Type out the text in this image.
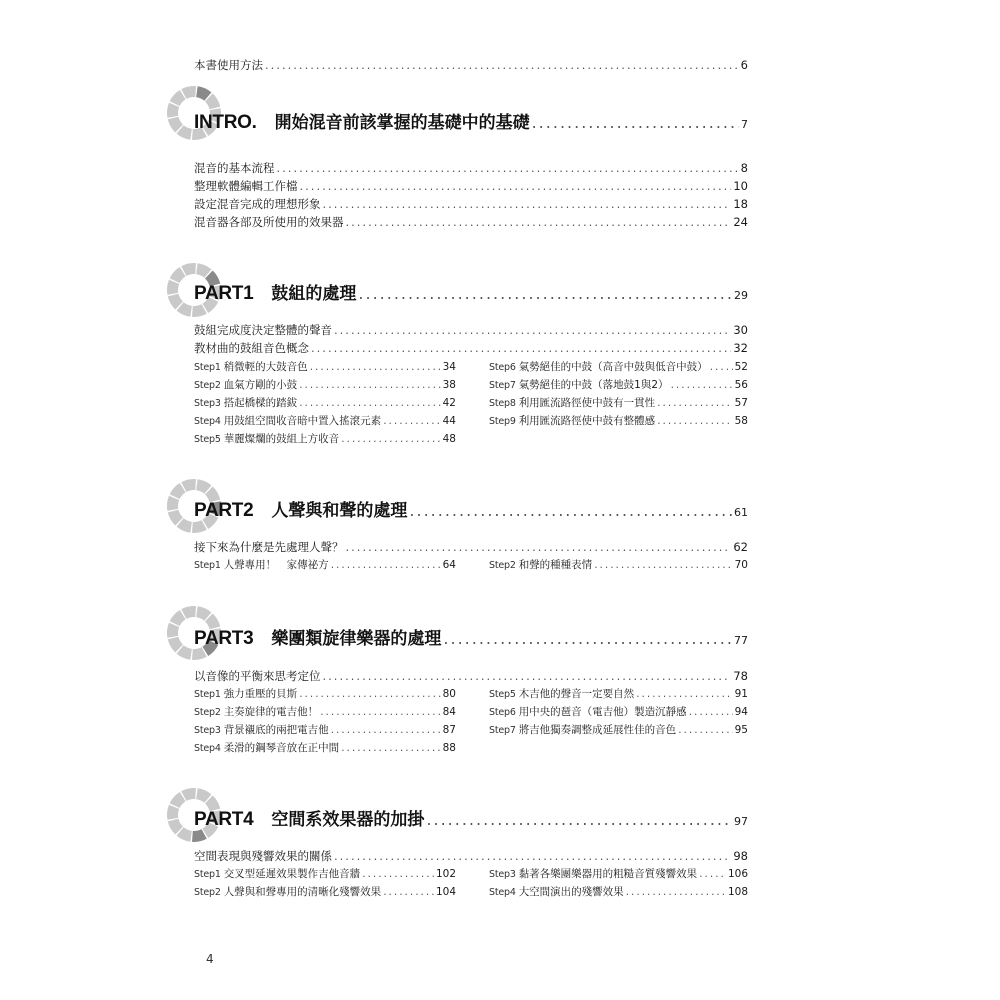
本書使用方法 .....	6
INTRO. 開始混音前該掌握的基礎中的基礎 .....	7
混音的基本流程 .....	8
整理軟體編輯工作檔 .....	10
設定混音完成的理想形象 .....	18
混音器各部及所使用的效果器 .....	24
PART1 鼓組的處理 .....	29
鼓組完成度決定整體的聲音 .....	30
教材曲的鼓組音色概念 .....	32
Step1 稍微輕的大鼓音色 .....	34
Step2 血氣方剛的小鼓 .....	38
Step3 搭起橋樑的踏鈸 .....	42
Step4 用鼓組空間收音暗中置入搖滾元素 .....	44
Step5 華麗燦爛的鼓組上方收音 .....	48
Step6 氣勢絕佳的中鼓（高音中鼓與低音中鼓） .....	52
Step7 氣勢絕佳的中鼓（落地鼓1與2） .....	56
Step8 利用匯流路徑使中鼓有一貫性 .....	57
Step9 利用匯流路徑使中鼓有整體感 .....	58
PART2 人聲與和聲的處理 .....	61
接下來為什麼是先處理人聲？ .....	62
Step1 人聲專用！　家傳祕方 .....	64	Step2 和聲的種種表情 .....	70
PART3 樂團類旋律樂器的處理 .....	77
以音像的平衡來思考定位 .....	78
Step1 強力重壓的貝斯 .....	80
Step2 主奏旋律的電吉他！ .....	84
Step3 背景襯底的兩把電吉他 .....	87
Step4 柔滑的鋼琴音放在正中間 .....	88
Step5 木吉他的聲音一定要自然 .....	91
Step6 用中央的琶音（電吉他）製造沉靜感 .....	94
Step7 將吉他獨奏調整成延展性佳的音色 .....	95
PART4 空間系效果器的加掛 .....	97
空間表現與殘響效果的關係 .....	98
Step1 交叉型延遲效果製作吉他音牆 .....	102
Step2 人聲與和聲專用的清晰化殘響效果 .....	104
Step3 黏著各樂團樂器用的粗糙音質殘響效果 .....	106
Step4 大空間演出的殘響效果 .....	108
4
